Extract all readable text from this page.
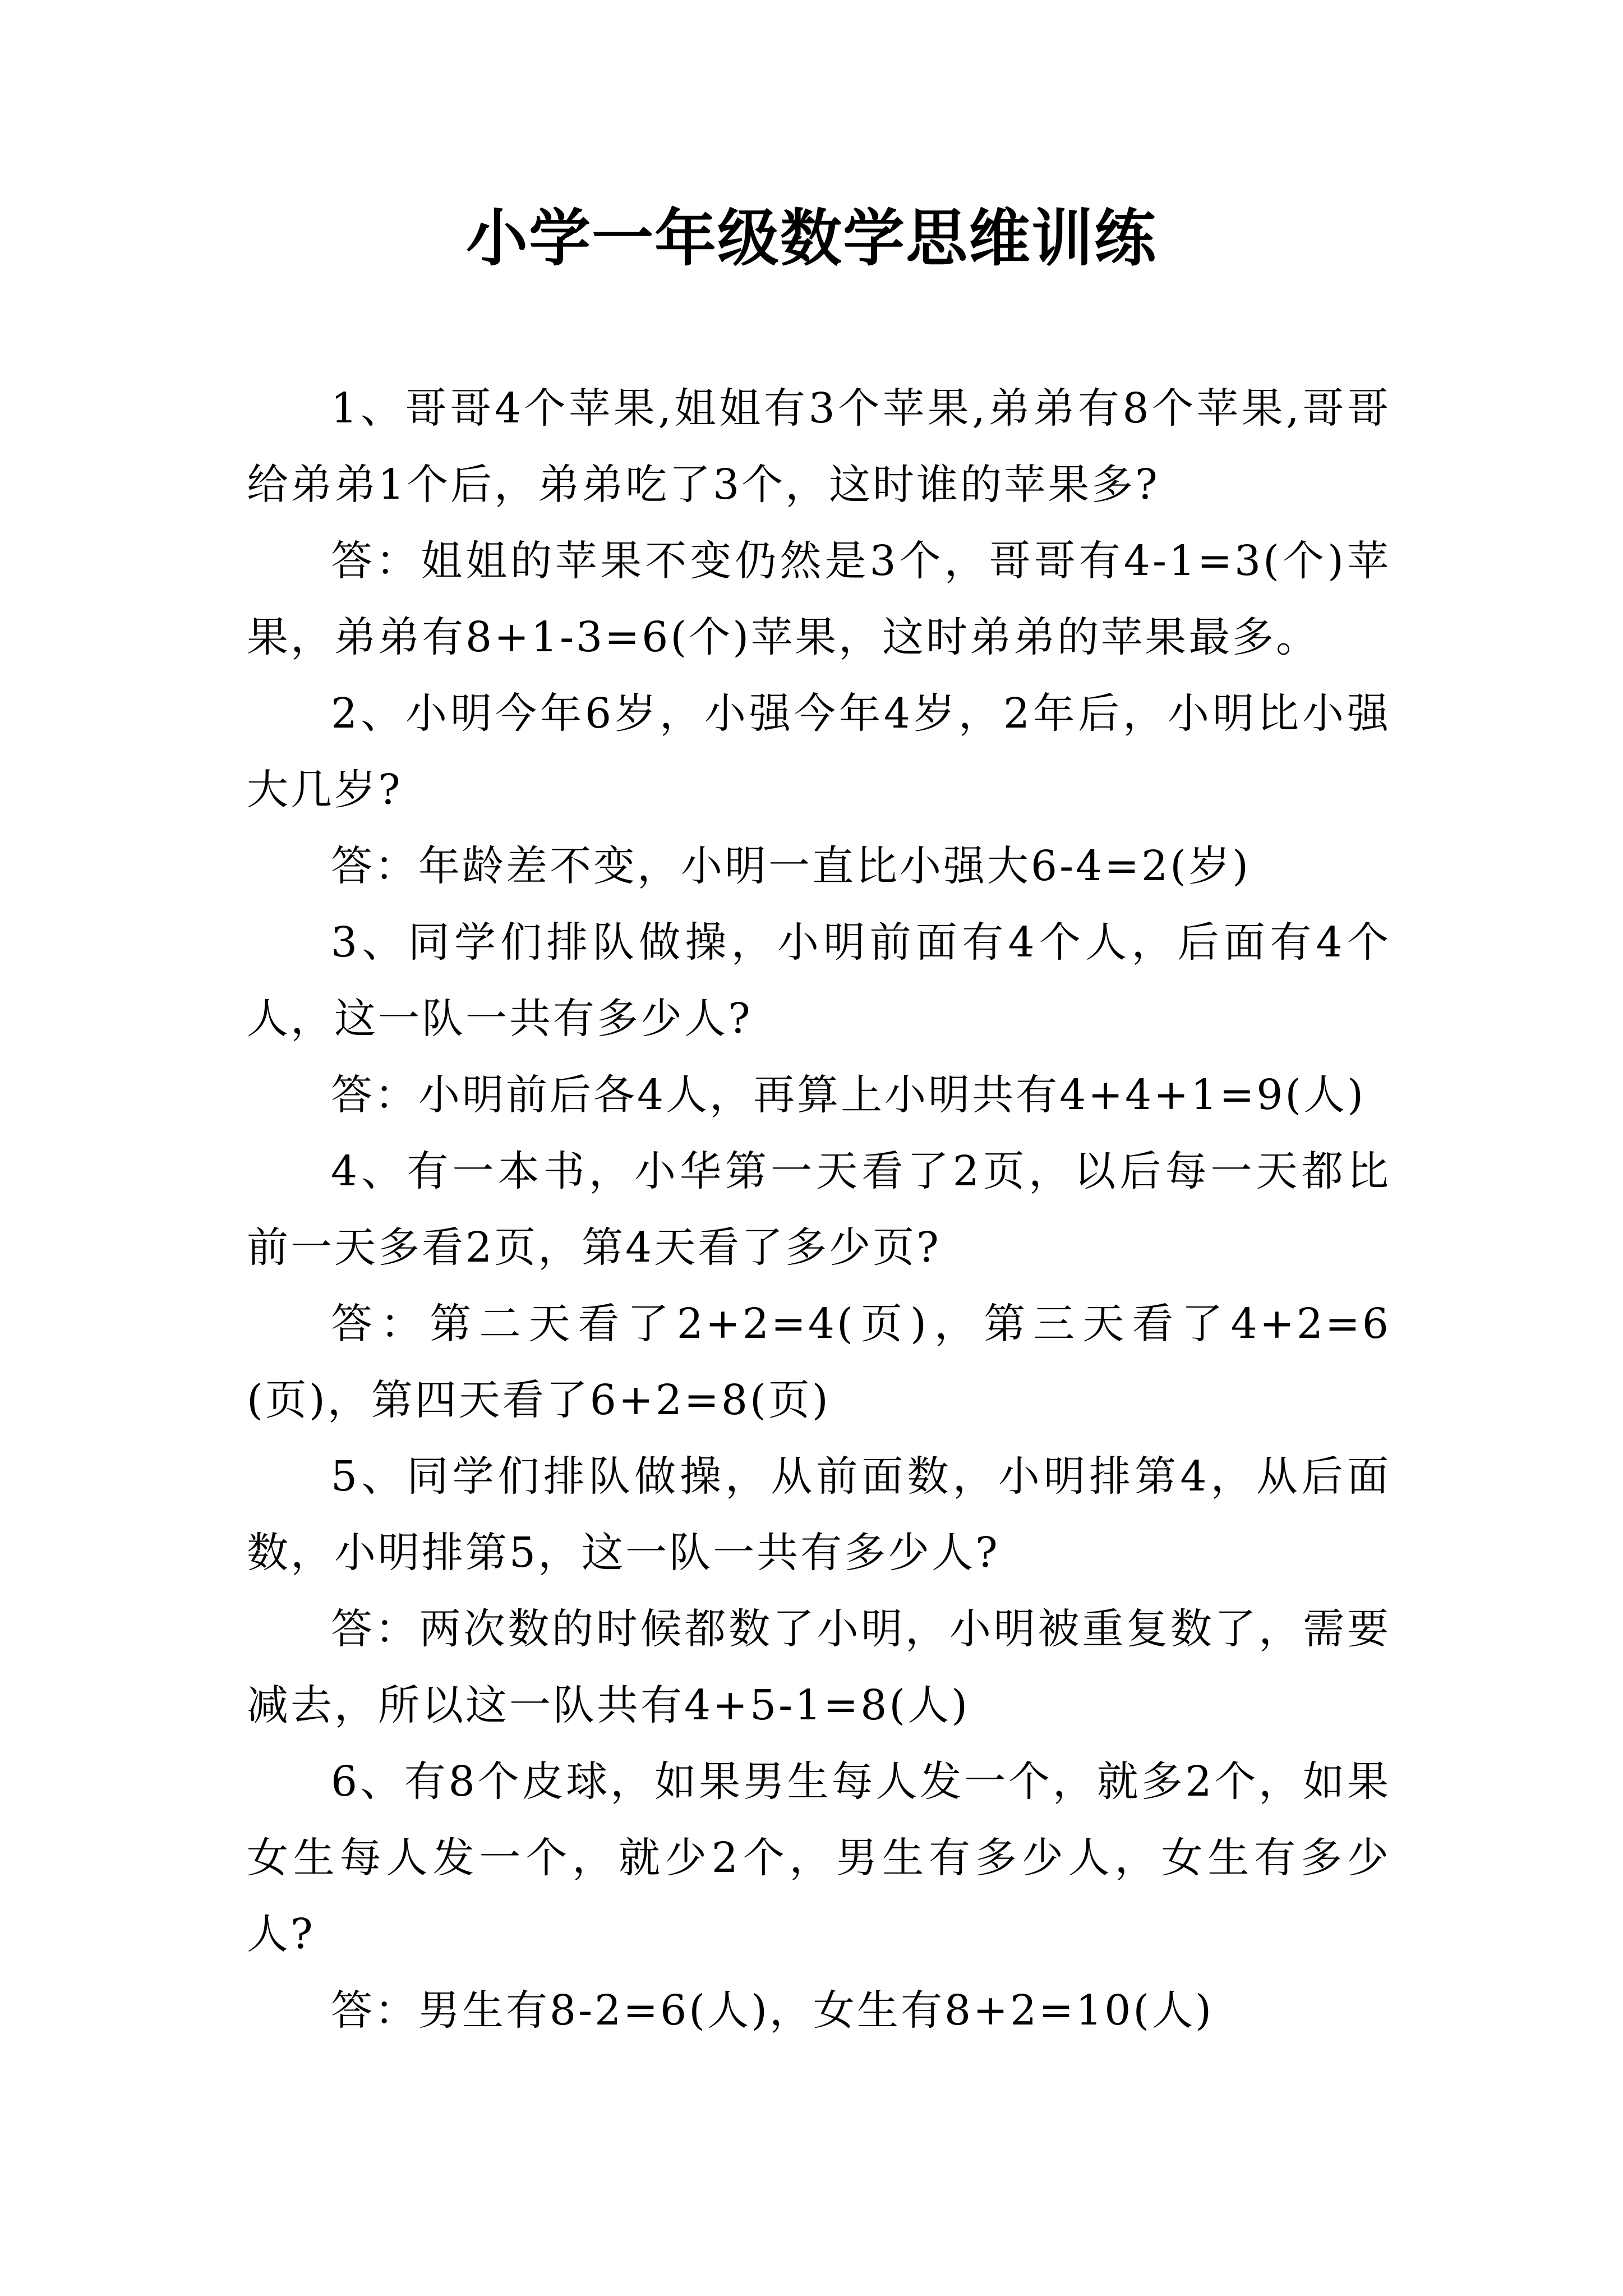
小学一年级数学思维训练

1、哥哥4个苹果,姐姐有3个苹果,弟弟有8个苹果,哥哥给弟弟1个后，弟弟吃了3个，这时谁的苹果多?

答：姐姐的苹果不变仍然是3个，哥哥有4-1=3(个)苹果，弟弟有8+1-3=6(个)苹果，这时弟弟的苹果最多。

2、小明今年6岁，小强今年4岁，2年后，小明比小强大几岁?

答：年龄差不变，小明一直比小强大6-4=2(岁)

3、同学们排队做操，小明前面有4个人，后面有4个人，这一队一共有多少人?

答：小明前后各4人，再算上小明共有4+4+1=9(人)

4、有一本书，小华第一天看了2页，以后每一天都比前一天多看2页，第4天看了多少页?

答：第二天看了2+2=4(页)，第三天看了4+2=6(页)，第四天看了6+2=8(页)

5、同学们排队做操，从前面数，小明排第4，从后面数，小明排第5，这一队一共有多少人?

答：两次数的时候都数了小明，小明被重复数了，需要减去，所以这一队共有4+5-1=8(人)

6、有8个皮球，如果男生每人发一个，就多2个，如果女生每人发一个，就少2个，男生有多少人，女生有多少人?

答：男生有8-2=6(人)，女生有8+2=10(人)
